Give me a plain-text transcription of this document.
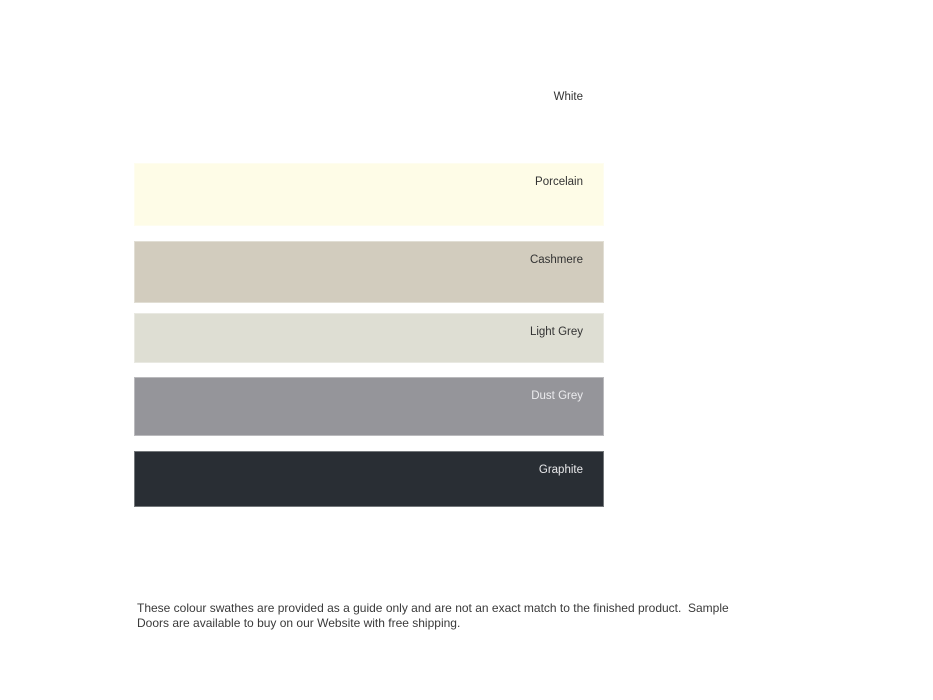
White
Porcelain
Cashmere
Light Grey
Dust Grey
Graphite

These colour swathes are provided as a guide only and are not an exact match to the finished product.  Sample
Doors are available to buy on our Website with free shipping.
